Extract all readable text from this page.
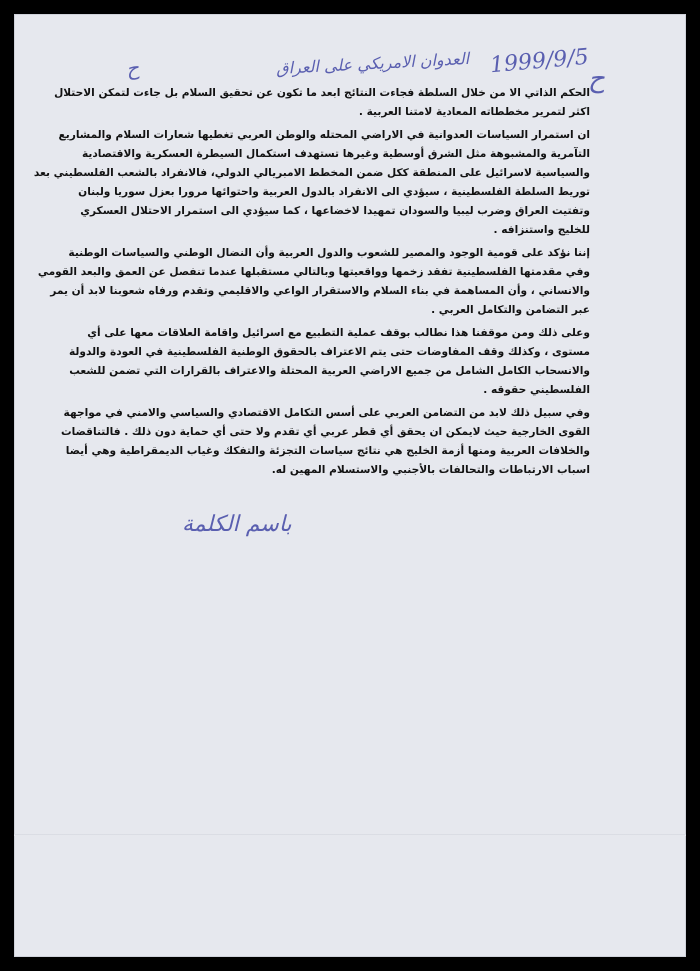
1999/9/5
العدوان الامريكي على العراق
ح
ح

الحكم الذاتي الا من خلال السلطة فجاءت النتائج ابعد ما تكون عن تحقيق السلام بل جاءت لتمكن الاحتلال
اكثر لتمرير مخططاته المعادية لامتنا العربية .

ان استمرار السياسات العدوانية في الاراضي المحتله والوطن العربي تغطيها شعارات السلام والمشاريع
التآمرية والمشبوهة مثل الشرق أوسطية وغيرها تستهدف استكمال السيطرة العسكرية والاقتصادية
والسياسية لاسرائيل على المنطقة ككل ضمن المخطط الامبريالي الدولي، فالانفراد بالشعب الفلسطيني بعد
توريط السلطة الفلسطينية ، سيؤدي الى الانفراد بالدول العربية واحتوائها مرورا بعزل سوريا ولبنان
وتفتيت العراق وضرب ليبيا والسودان تمهيدا لاخضاعها ، كما سيؤدي الى استمرار الاحتلال العسكري
للخليج واستنزافه .

إننا نؤكد على قومية الوجود والمصير للشعوب والدول العربية وأن النضال الوطني والسياسات الوطنية
وفي مقدمتها الفلسطينية تفقد زخمها وواقعيتها وبالتالي مستقبلها عندما تنفصل عن العمق والبعد القومي
والانساني ، وأن المساهمة في بناء السلام والاستقرار الواعي والاقليمي وتقدم ورفاه شعوبنا لابد أن يمر
عبر التضامن والتكامل العربي .

وعلى ذلك ومن موقفنا هذا نطالب بوقف عملية التطبيع مع اسرائيل واقامة العلاقات معها على أي
مستوى ، وكذلك وقف المفاوضات حتى يتم الاعتراف بالحقوق الوطنية الفلسطينية في العودة والدولة
والانسحاب الكامل الشامل من جميع الاراضي العربية المحتلة والاعتراف بالقرارات التي تضمن للشعب
الفلسطيني حقوقه .

وفي سبيل ذلك لابد من التضامن العربي على أسس التكامل الاقتصادي والسياسي والامني في مواجهة
القوى الخارجية حيث لايمكن ان يحقق أي قطر عربي أي تقدم ولا حتى أي حماية دون ذلك . فالتناقضات
والخلافات العربية ومنها أزمة الخليج هي نتائج سياسات التجزئة والتفكك وغياب الديمقراطية وهي أيضا
اسباب الارتباطات والتحالفات بالأجنبي والاستسلام المهين له.

باسم الكلمة
